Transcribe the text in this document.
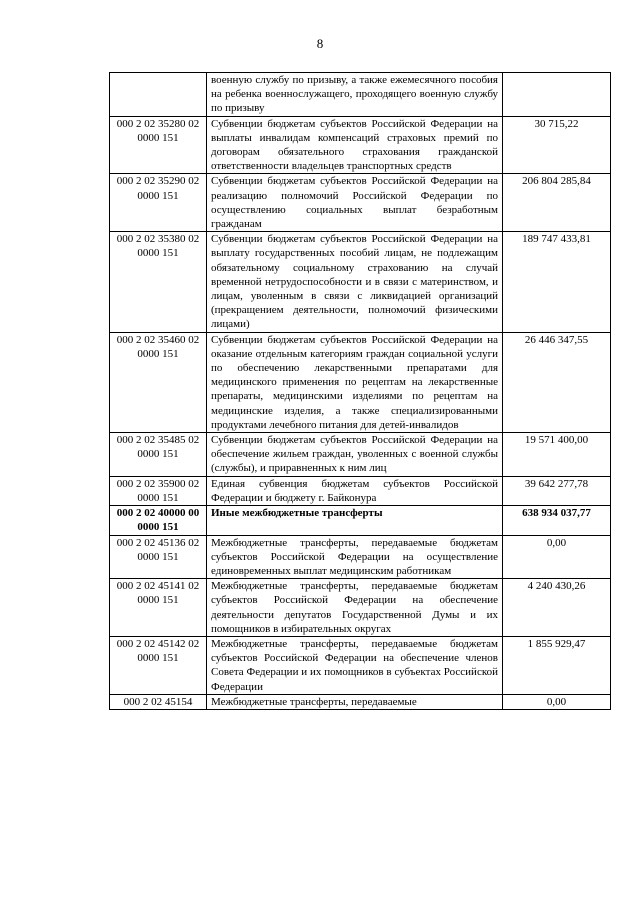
8
	военную службу по призыву, а также ежемесячного пособия на ребенка военнослужащего, проходящего военную службу по призыву	
000 2 02 35280 02 0000 151	Субвенции бюджетам субъектов Российской Федерации на выплаты инвалидам компенсаций страховых премий по договорам обязательного страхования гражданской ответственности владельцев транспортных средств	30 715,22
000 2 02 35290 02 0000 151	Субвенции бюджетам субъектов Российской Федерации на реализацию полномочий Российской Федерации по осуществлению социальных выплат безработным гражданам	206 804 285,84
000 2 02 35380 02 0000 151	Субвенции бюджетам субъектов Российской Федерации на выплату государственных пособий лицам, не подлежащим обязательному социальному страхованию на случай временной нетрудоспособности и в связи с материнством, и лицам, уволенным в связи с ликвидацией организаций (прекращением деятельности, полномочий физическими лицами)	189 747 433,81
000 2 02 35460 02 0000 151	Субвенции бюджетам субъектов Российской Федерации на оказание отдельным категориям граждан социальной услуги по обеспечению лекарственными препаратами для медицинского применения по рецептам на лекарственные препараты, медицинскими изделиями по рецептам на медицинские изделия, а также специализированными продуктами лечебного питания для детей-инвалидов	26 446 347,55
000 2 02 35485 02 0000 151	Субвенции бюджетам субъектов Российской Федерации на обеспечение жильем граждан, уволенных с военной службы (службы), и приравненных к ним лиц	19 571 400,00
000 2 02 35900 02 0000 151	Единая субвенция бюджетам субъектов Российской Федерации и бюджету г. Байконура	39 642 277,78
000 2 02 40000 00 0000 151	Иные межбюджетные трансферты	638 934 037,77
000 2 02 45136 02 0000 151	Межбюджетные трансферты, передаваемые бюджетам субъектов Российской Федерации на осуществление единовременных выплат медицинским работникам	0,00
000 2 02 45141 02 0000 151	Межбюджетные трансферты, передаваемые бюджетам субъектов Российской Федерации на обеспечение деятельности депутатов Государственной Думы и их помощников в избирательных округах	4 240 430,26
000 2 02 45142 02 0000 151	Межбюджетные трансферты, передаваемые бюджетам субъектов Российской Федерации на обеспечение членов Совета Федерации и их помощников в субъектах Российской Федерации	1 855 929,47
000 2 02 45154	Межбюджетные трансферты, передаваемые	0,00
